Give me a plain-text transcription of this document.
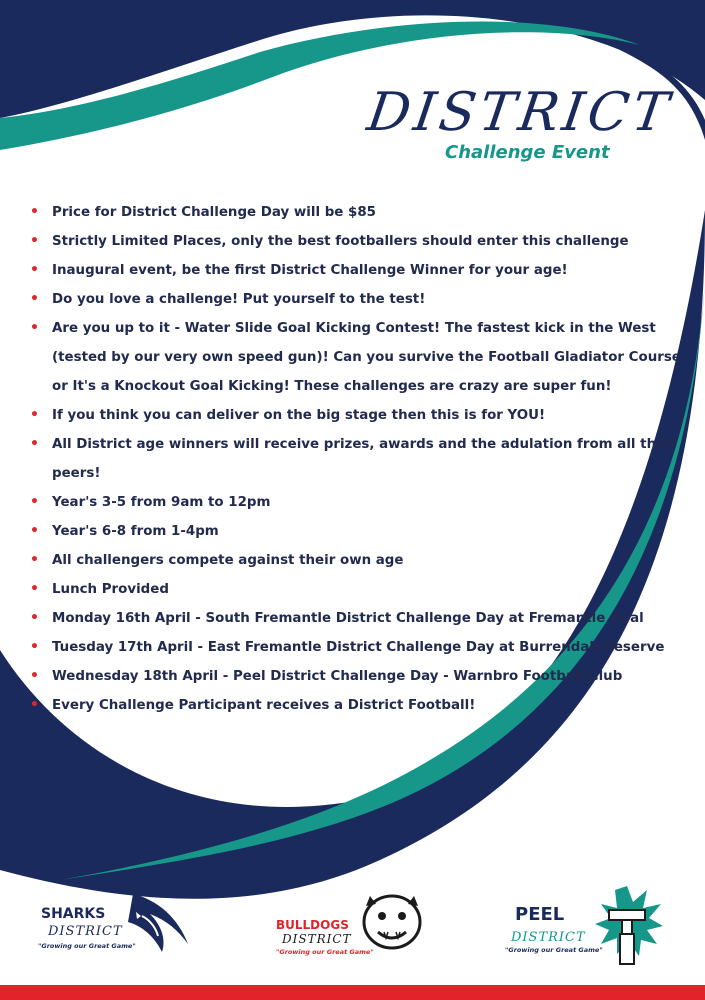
DISTRICT
Challenge Event
• Price for District Challenge Day will be $85
• Strictly Limited Places, only the best footballers should enter this challenge
• Inaugural event, be the first District Challenge Winner for your age!
• Do you love a challenge! Put yourself to the test!
• Are you up to it - Water Slide Goal Kicking Contest! The fastest kick in the West (tested by our very own speed gun)! Can you survive the Football Gladiator Course or It's a Knockout Goal Kicking! These challenges are crazy are super fun!
• If you think you can deliver on the big stage then this is for YOU!
• All District age winners will receive prizes, awards and the adulation from all their peers!
• Year's 3-5 from 9am to 12pm
• Year's 6-8 from 1-4pm
• All challengers compete against their own age
• Lunch Provided
• Monday 16th April - South Fremantle District Challenge Day at Fremantle Oval
• Tuesday 17th April - East Fremantle District Challenge Day at Burrendah Reserve
• Wednesday 18th April - Peel District Challenge Day - Warnbro Football Club
• Every Challenge Participant receives a District Football!
SHARKS
DISTRICT
"Growing our Great Game"
BULLDOGS
DISTRICT
"Growing our Great Game"
PEEL
DISTRICT
"Growing our Great Game"
